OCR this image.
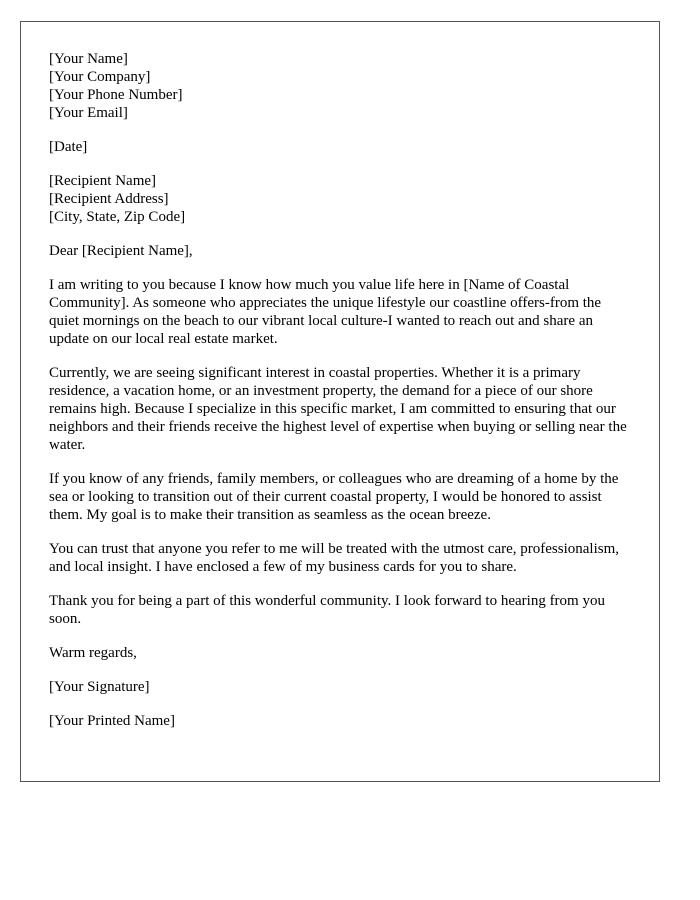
[Your Name]
[Your Company]
[Your Phone Number]
[Your Email]
[Date]
[Recipient Name]
[Recipient Address]
[City, State, Zip Code]

Dear [Recipient Name],

I am writing to you because I know how much you value life here in [Name of Coastal Community]. As someone who appreciates the unique lifestyle our coastline offers-from the quiet mornings on the beach to our vibrant local culture-I wanted to reach out and share an update on our local real estate market.

Currently, we are seeing significant interest in coastal properties. Whether it is a primary residence, a vacation home, or an investment property, the demand for a piece of our shore remains high. Because I specialize in this specific market, I am committed to ensuring that our neighbors and their friends receive the highest level of expertise when buying or selling near the water.

If you know of any friends, family members, or colleagues who are dreaming of a home by the sea or looking to transition out of their current coastal property, I would be honored to assist them. My goal is to make their transition as seamless as the ocean breeze.

You can trust that anyone you refer to me will be treated with the utmost care, professionalism, and local insight. I have enclosed a few of my business cards for you to share.

Thank you for being a part of this wonderful community. I look forward to hearing from you soon.

Warm regards,

[Your Signature]

[Your Printed Name]
